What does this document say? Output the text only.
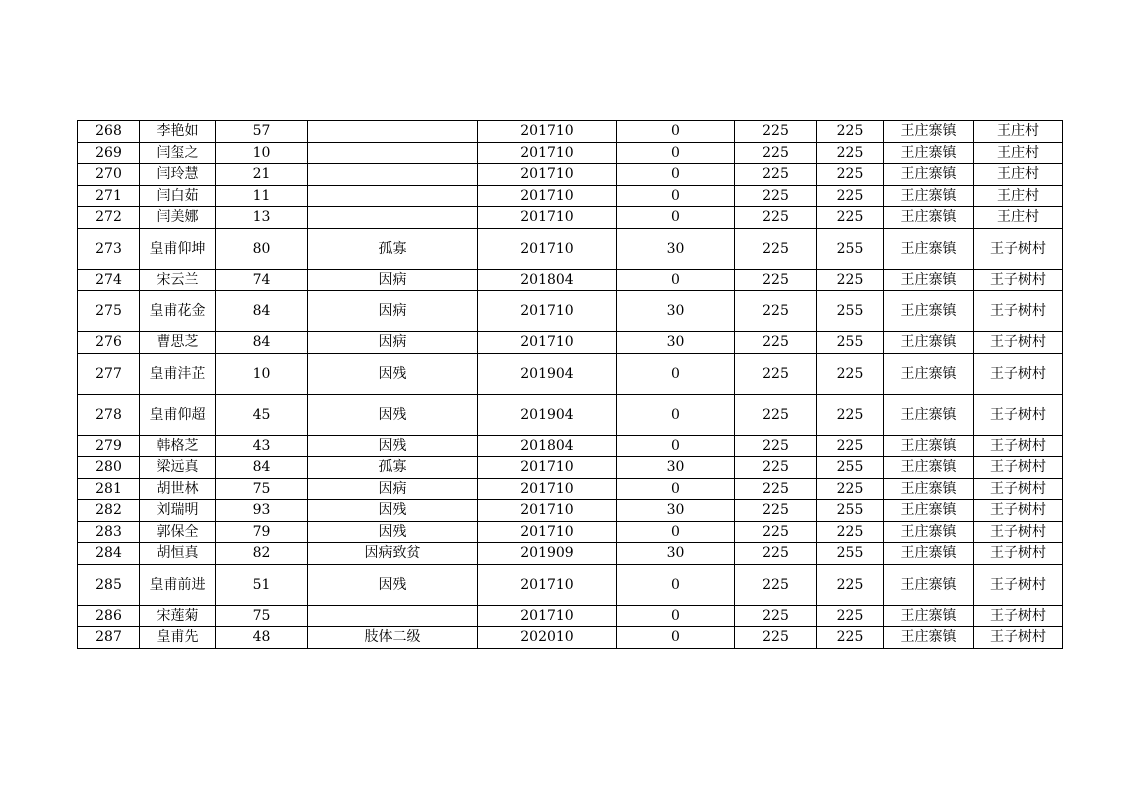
268	李艳如	57		201710	0	225	225	王庄寨镇	王庄村
269	闫玺之	10		201710	0	225	225	王庄寨镇	王庄村
270	闫玲慧	21		201710	0	225	225	王庄寨镇	王庄村
271	闫白茹	11		201710	0	225	225	王庄寨镇	王庄村
272	闫美娜	13		201710	0	225	225	王庄寨镇	王庄村
273	皇甫仰坤	80	孤寡	201710	30	225	255	王庄寨镇	王子树村
274	宋云兰	74	因病	201804	0	225	225	王庄寨镇	王子树村
275	皇甫花金	84	因病	201710	30	225	255	王庄寨镇	王子树村
276	曹思芝	84	因病	201710	30	225	255	王庄寨镇	王子树村
277	皇甫沣芷	10	因残	201904	0	225	225	王庄寨镇	王子树村
278	皇甫仰超	45	因残	201904	0	225	225	王庄寨镇	王子树村
279	韩格芝	43	因残	201804	0	225	225	王庄寨镇	王子树村
280	梁远真	84	孤寡	201710	30	225	255	王庄寨镇	王子树村
281	胡世林	75	因病	201710	0	225	225	王庄寨镇	王子树村
282	刘瑞明	93	因残	201710	30	225	255	王庄寨镇	王子树村
283	郭保全	79	因残	201710	0	225	225	王庄寨镇	王子树村
284	胡恒真	82	因病致贫	201909	30	225	255	王庄寨镇	王子树村
285	皇甫前进	51	因残	201710	0	225	225	王庄寨镇	王子树村
286	宋莲菊	75		201710	0	225	225	王庄寨镇	王子树村
287	皇甫先	48	肢体二级	202010	0	225	225	王庄寨镇	王子树村
